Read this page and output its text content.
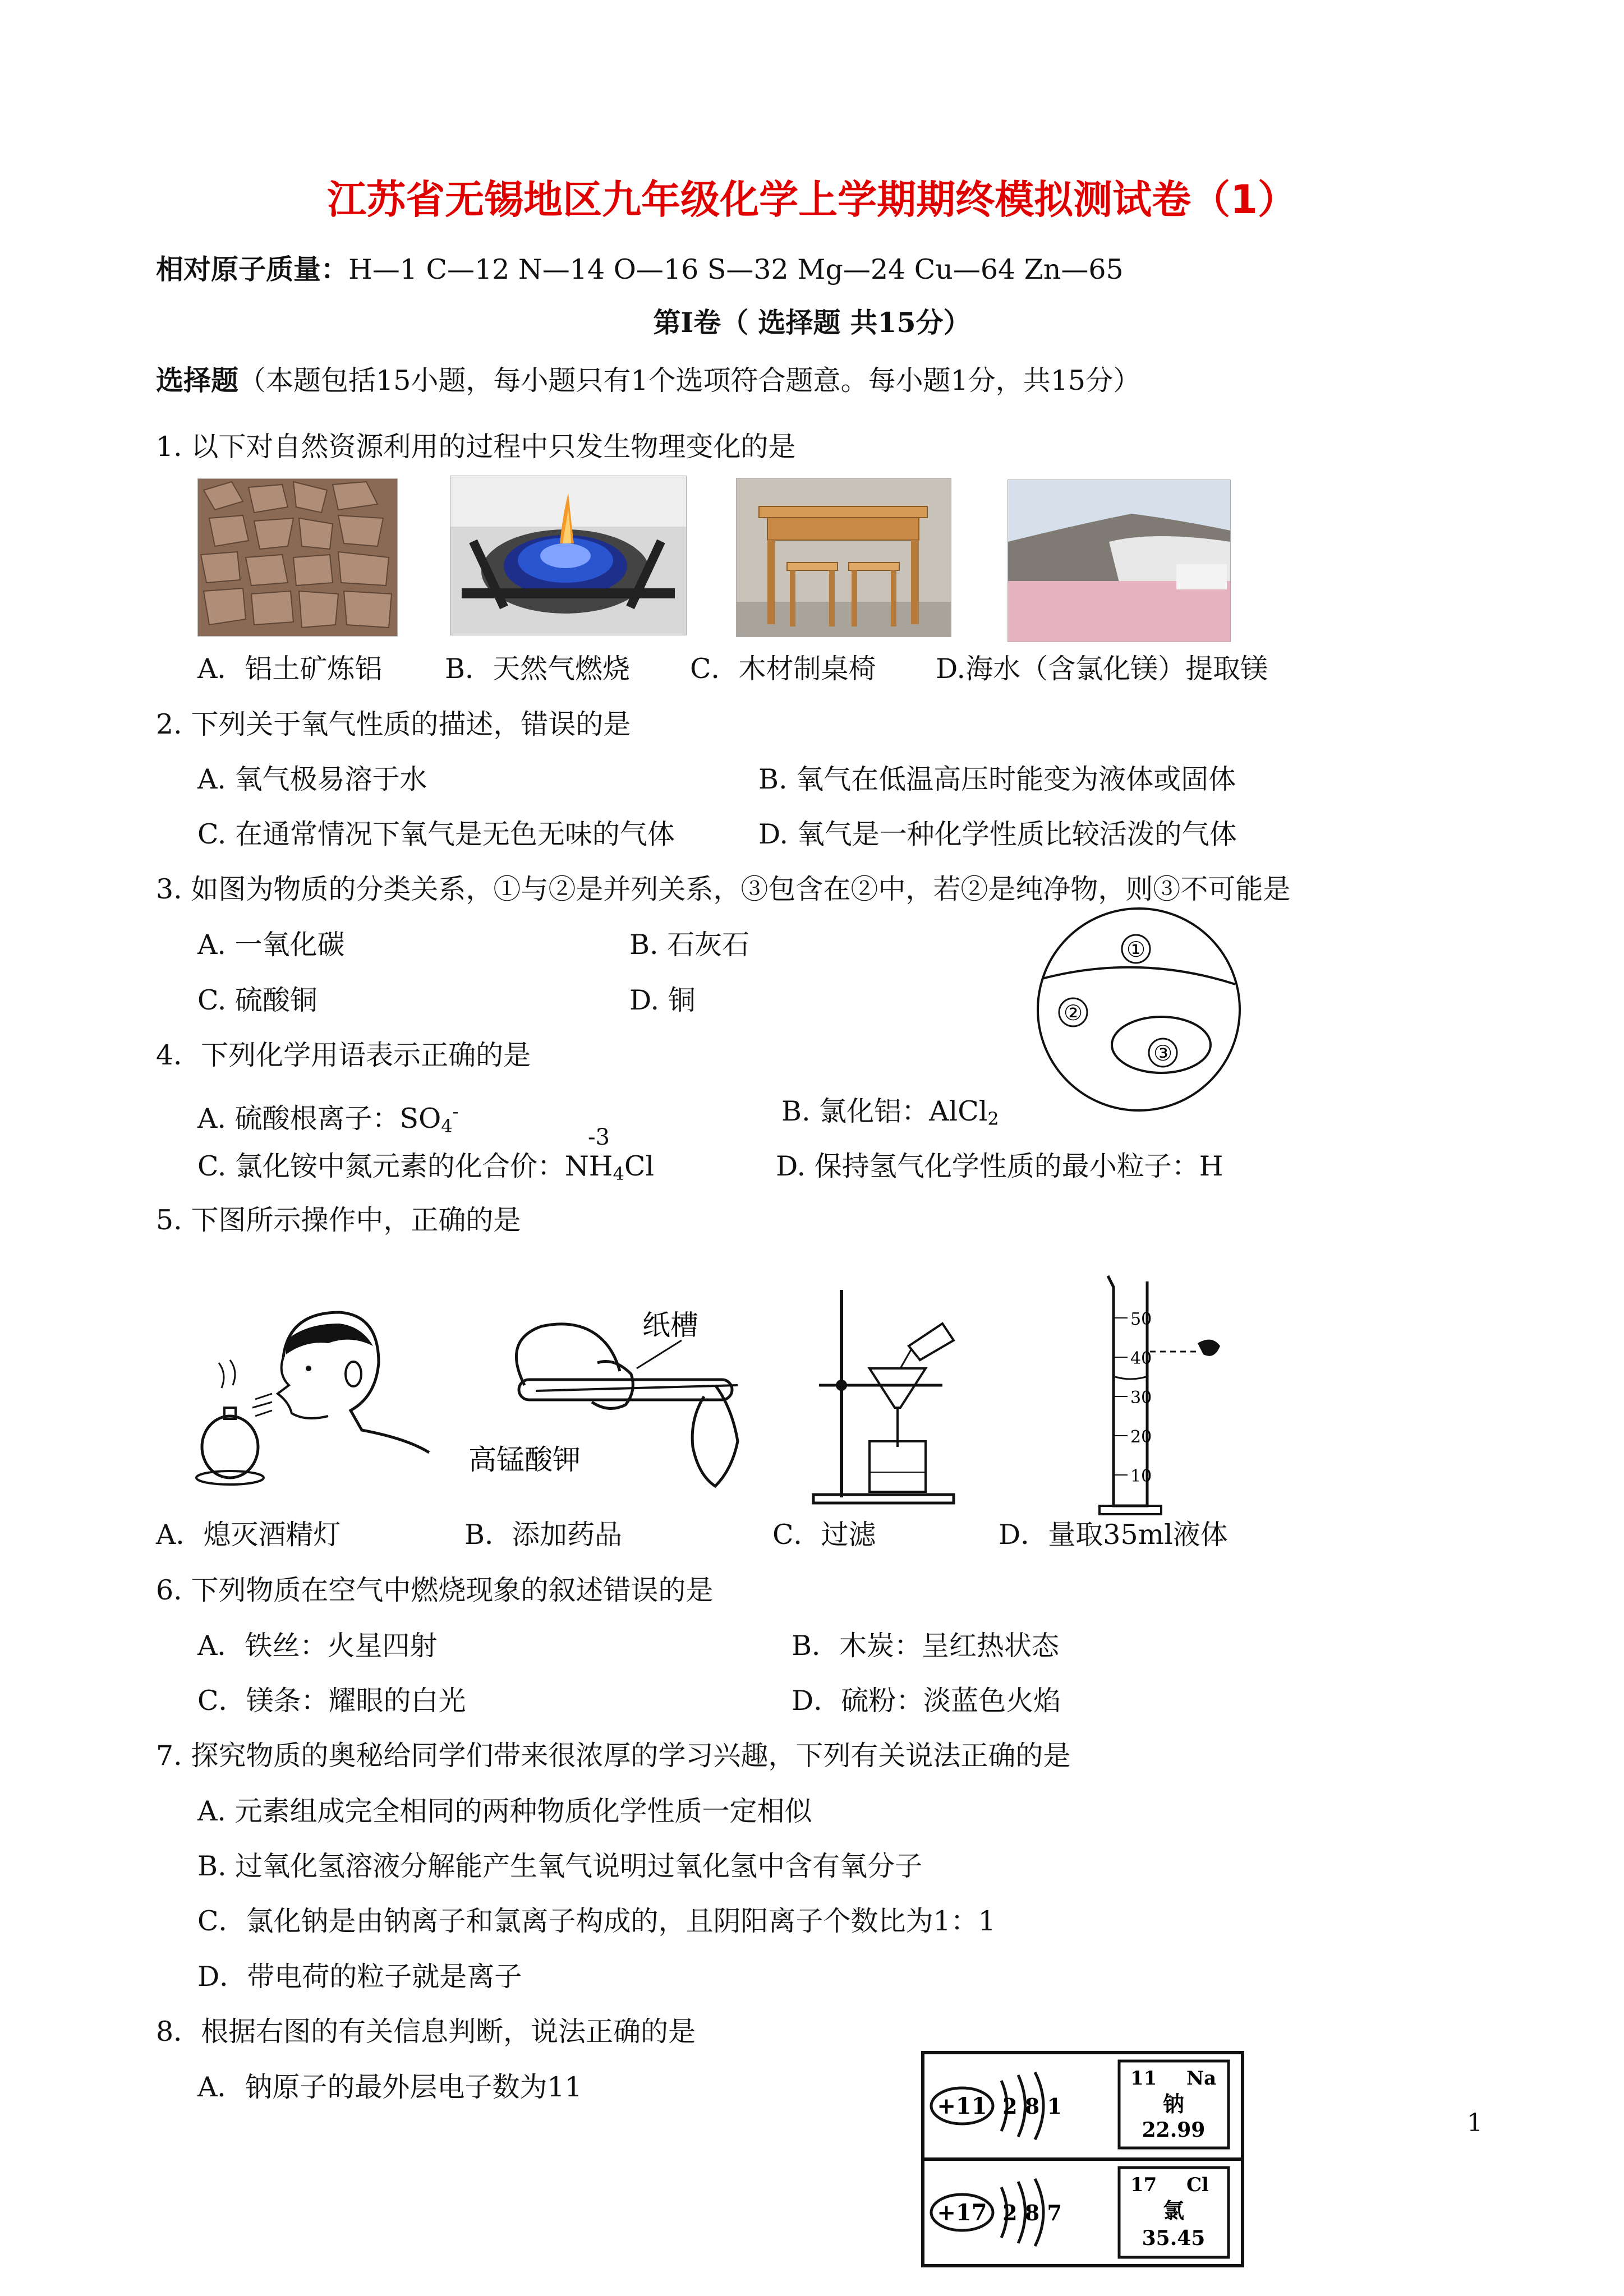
江苏省无锡地区九年级化学上学期期终模拟测试卷（1）
相对原子质量：H—1 C—12 N—14 O—16 S—32 Mg—24 Cu—64 Zn—65
第Ⅰ卷（ 选择题 共15分）
选择题（本题包括15小题，每小题只有1个选项符合题意。每小题1分，共15分）
1. 以下对自然资源利用的过程中只发生物理变化的是
A．铝土矿炼铝 B．天然气燃烧 C．木材制桌椅 D.海水（含氯化镁）提取镁
2. 下列关于氧气性质的描述，错误的是
A. 氧气极易溶于水	B. 氧气在低温高压时能变为液体或固体
C. 在通常情况下氧气是无色无味的气体	D. 氧气是一种化学性质比较活泼的气体
3. 如图为物质的分类关系，①与②是并列关系，③包含在②中，若②是纯净物，则③不可能是
A. 一氧化碳	B. 石灰石
C. 硫酸铜	D. 铜
①
②
③
4．下列化学用语表示正确的是
A. 硫酸根离子：$SO_4^-$	B. 氯化铝：AlCl$_2$
-3
C. 氯化铵中氮元素的化合价：$NH_4Cl$	D. 保持氢气化学性质的最小粒子：H
5. 下图所示操作中，正确的是
纸槽
高锰酸钾
50
40
30
20
10
A．熄灭酒精灯	B．添加药品	C．过滤	D．量取35ml液体
6. 下列物质在空气中燃烧现象的叙述错误的是
A．铁丝：火星四射	B．木炭：呈红热状态
C．镁条：耀眼的白光	D．硫粉：淡蓝色火焰
7. 探究物质的奥秘给同学们带来很浓厚的学习兴趣，下列有关说法正确的是
A. 元素组成完全相同的两种物质化学性质一定相似
B. 过氧化氢溶液分解能产生氧气说明过氧化氢中含有氧分子
C．氯化钠是由钠离子和氯离子构成的，且阴阳离子个数比为1：1
D．带电荷的粒子就是离子
8．根据右图的有关信息判断，说法正确的是
A．钠原子的最外层电子数为11
+11 2 8 1
11 Na
钠
22.99
+17 2 8 7
17 Cl
氯
35.45
1
